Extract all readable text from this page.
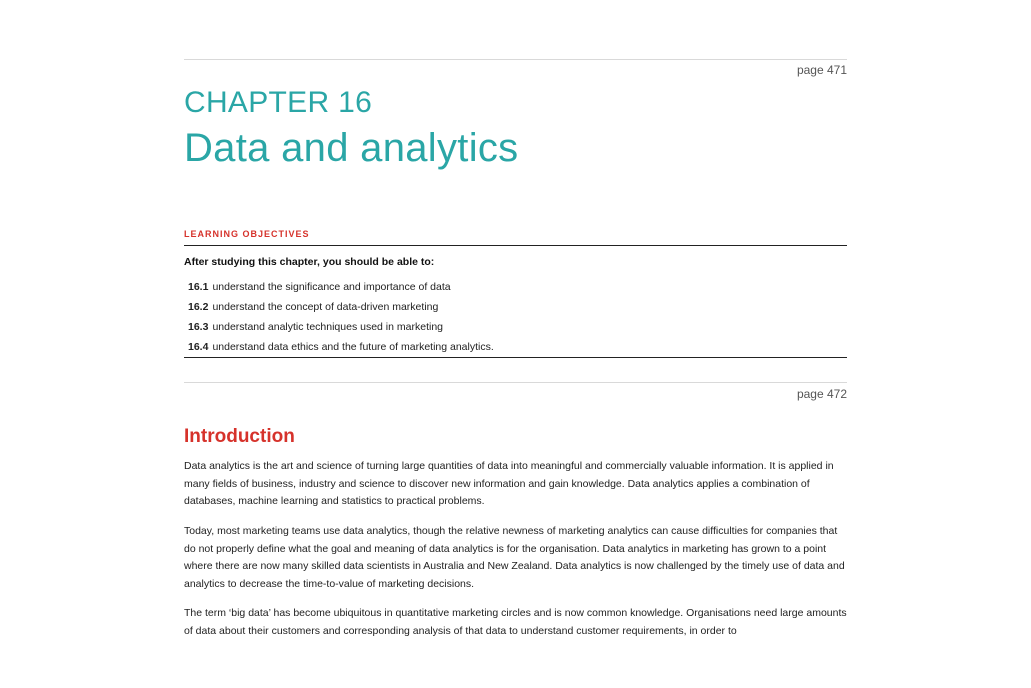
page 471
CHAPTER 16
Data and analytics
LEARNING OBJECTIVES
After studying this chapter, you should be able to:
16.1 understand the significance and importance of data
16.2 understand the concept of data-driven marketing
16.3 understand analytic techniques used in marketing
16.4 understand data ethics and the future of marketing analytics.
page 472
Introduction

Data analytics is the art and science of turning large quantities of data into meaningful and commercially valuable information. It is applied in many fields of business, industry and science to discover new information and gain knowledge. Data analytics applies a combination of databases, machine learning and statistics to practical problems.

Today, most marketing teams use data analytics, though the relative newness of marketing analytics can cause difficulties for companies that do not properly define what the goal and meaning of data analytics is for the organisation. Data analytics in marketing has grown to a point where there are now many skilled data scientists in Australia and New Zealand. Data analytics is now challenged by the timely use of data and analytics to decrease the time-to-value of marketing decisions.

The term ‘big data’ has become ubiquitous in quantitative marketing circles and is now common knowledge. Organisations need large amounts of data about their customers and corresponding analysis of that data to understand customer requirements, in order to
